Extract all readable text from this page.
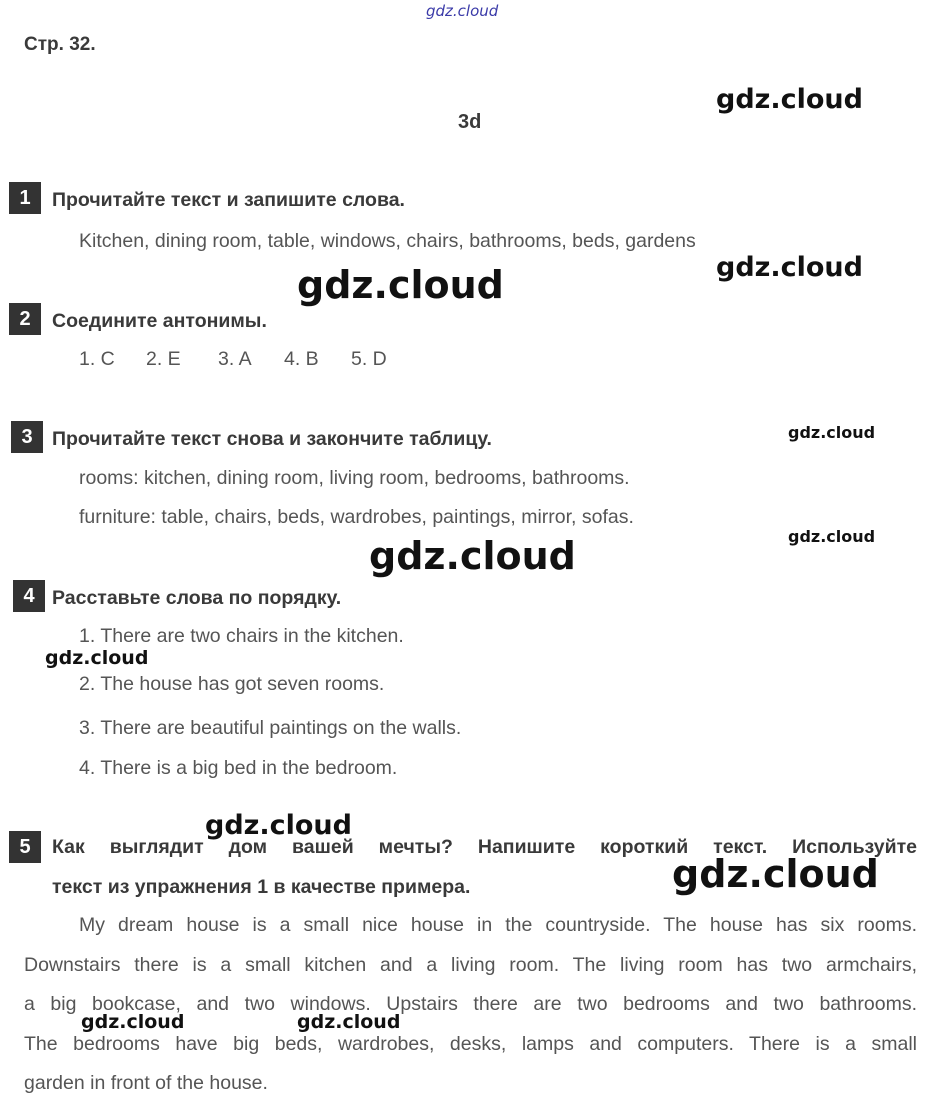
gdz.cloud
Стр. 32.
3d
1	Прочитайте текст и запишите слова.
Kitchen, dining room, table, windows, chairs, bathrooms, beds, gardens
2	Соедините антонимы.
1. C 2. E 3. A 4. B 5. D
3 Прочитайте текст снова и закончите таблицу.
rooms: kitchen, dining room, living room, bedrooms, bathrooms.
furniture: table, chairs, beds, wardrobes, paintings, mirror, sofas.
4 Расставьте слова по порядку.
1. There are two chairs in the kitchen.
2. The house has got seven rooms.
3. There are beautiful paintings on the walls.
4. There is a big bed in the bedroom.
5	Как выглядит дом вашей мечты? Напишите короткий текст. Используйте
текст из упражнения 1 в качестве примера.
My dream house is a small nice house in the countryside. The house has six rooms.
Downstairs there is a small kitchen and a living room. The living room has two armchairs,
a big bookcase, and two windows. Upstairs there are two bedrooms and two bathrooms.
The bedrooms have big beds, wardrobes, desks, lamps and computers. There is a small
garden in front of the house.
gdz.cloud
gdz.cloud
gdz.cloud
gdz.cloud
gdz.cloud
gdz.cloud
gdz.cloud
gdz.cloud
gdz.cloud
gdz.cloud	gdz.cloud
